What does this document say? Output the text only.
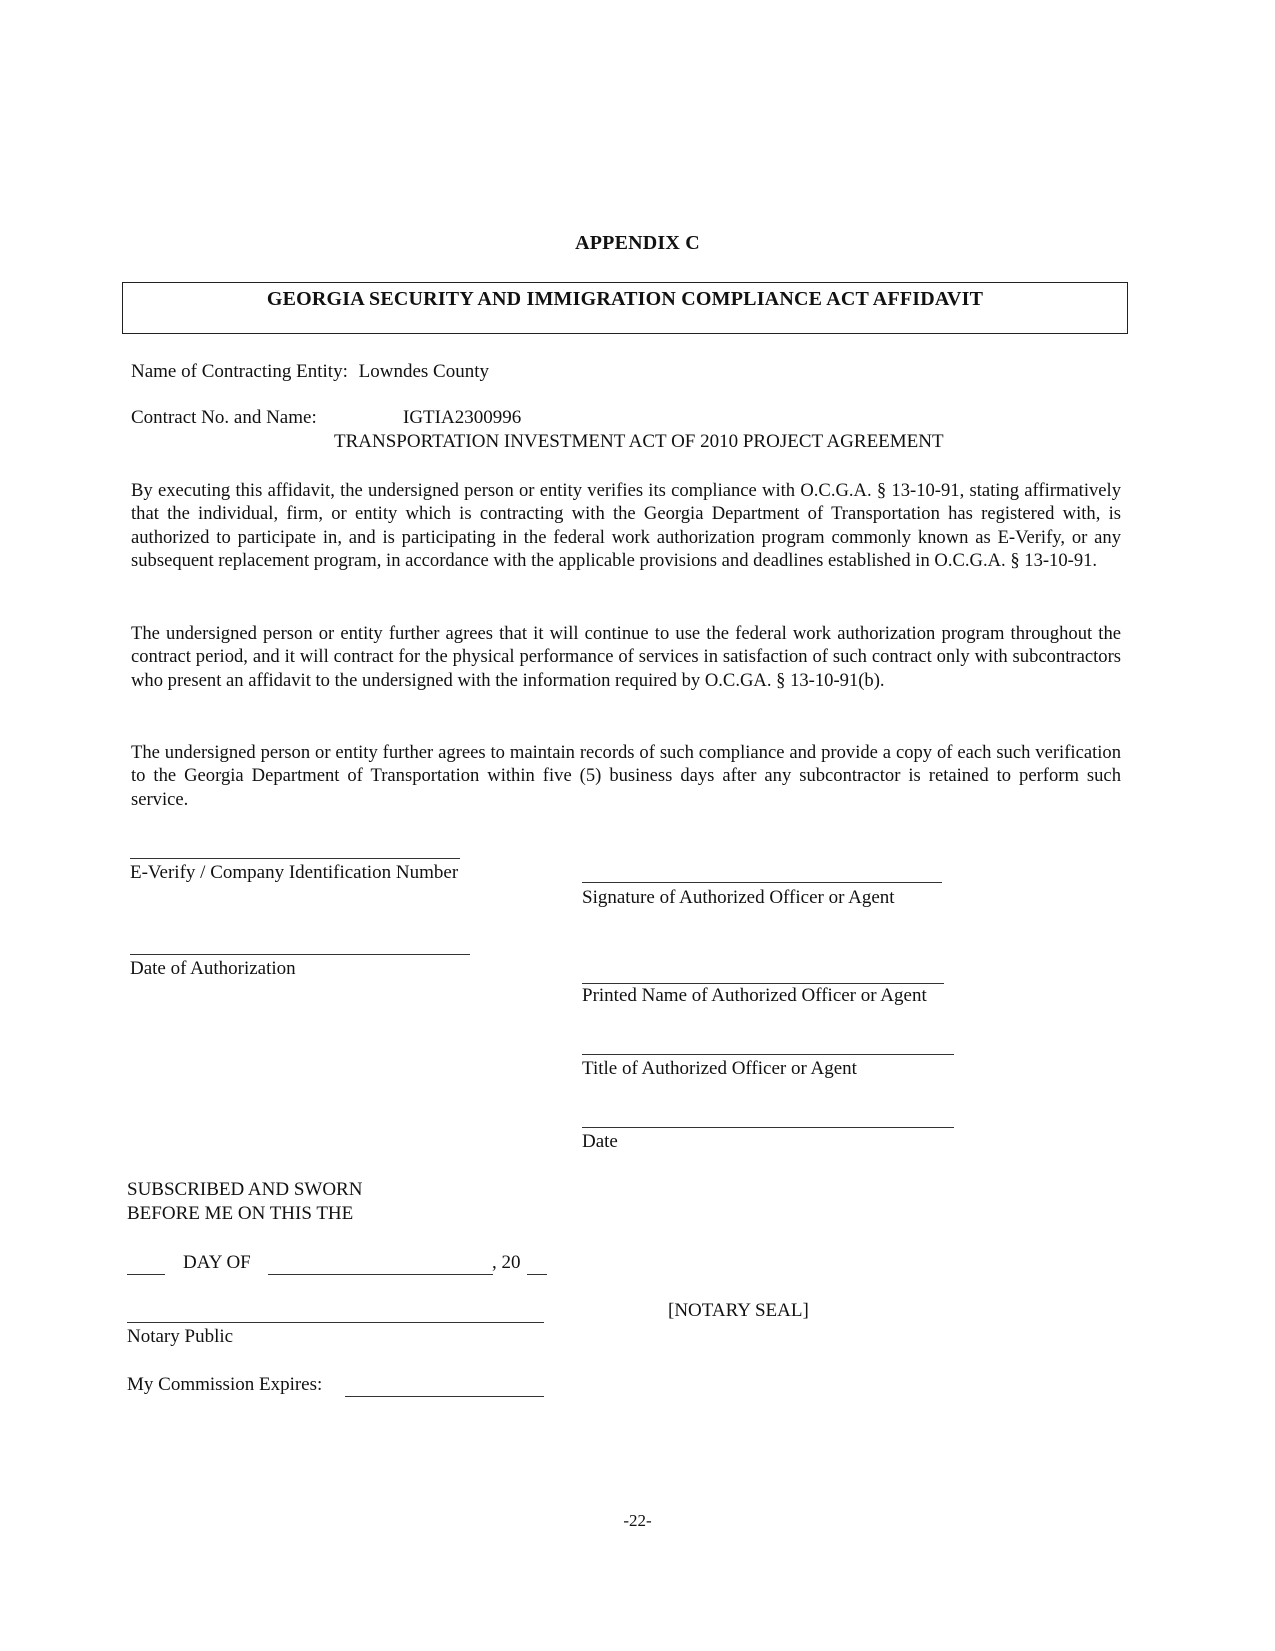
APPENDIX C
GEORGIA SECURITY AND IMMIGRATION COMPLIANCE ACT AFFIDAVIT
Name of Contracting Entity: Lowndes County
Contract No. and Name:	IGTIA2300996
TRANSPORTATION INVESTMENT ACT OF 2010 PROJECT AGREEMENT
By executing this affidavit, the undersigned person or entity verifies its compliance with O.C.G.A. § 13-10-91, stating affirmatively that the individual, firm, or entity which is contracting with the Georgia Department of Transportation has registered with, is authorized to participate in, and is participating in the federal work authorization program commonly known as E-Verify, or any subsequent replacement program, in accordance with the applicable provisions and deadlines established in O.C.G.A. § 13-10-91.
The undersigned person or entity further agrees that it will continue to use the federal work authorization program throughout the contract period, and it will contract for the physical performance of services in satisfaction of such contract only with subcontractors who present an affidavit to the undersigned with the information required by O.C.GA. § 13-10-91(b).
The undersigned person or entity further agrees to maintain records of such compliance and provide a copy of each such verification to the Georgia Department of Transportation within five (5) business days after any subcontractor is retained to perform such service.
E-Verify / Company Identification Number
Date of Authorization
Signature of Authorized Officer or Agent
Printed Name of Authorized Officer or Agent
Title of Authorized Officer or Agent
Date
SUBSCRIBED AND SWORN
BEFORE ME ON THIS THE
DAY OF	, 20
Notary Public
[NOTARY SEAL]
My Commission Expires:
-22-
